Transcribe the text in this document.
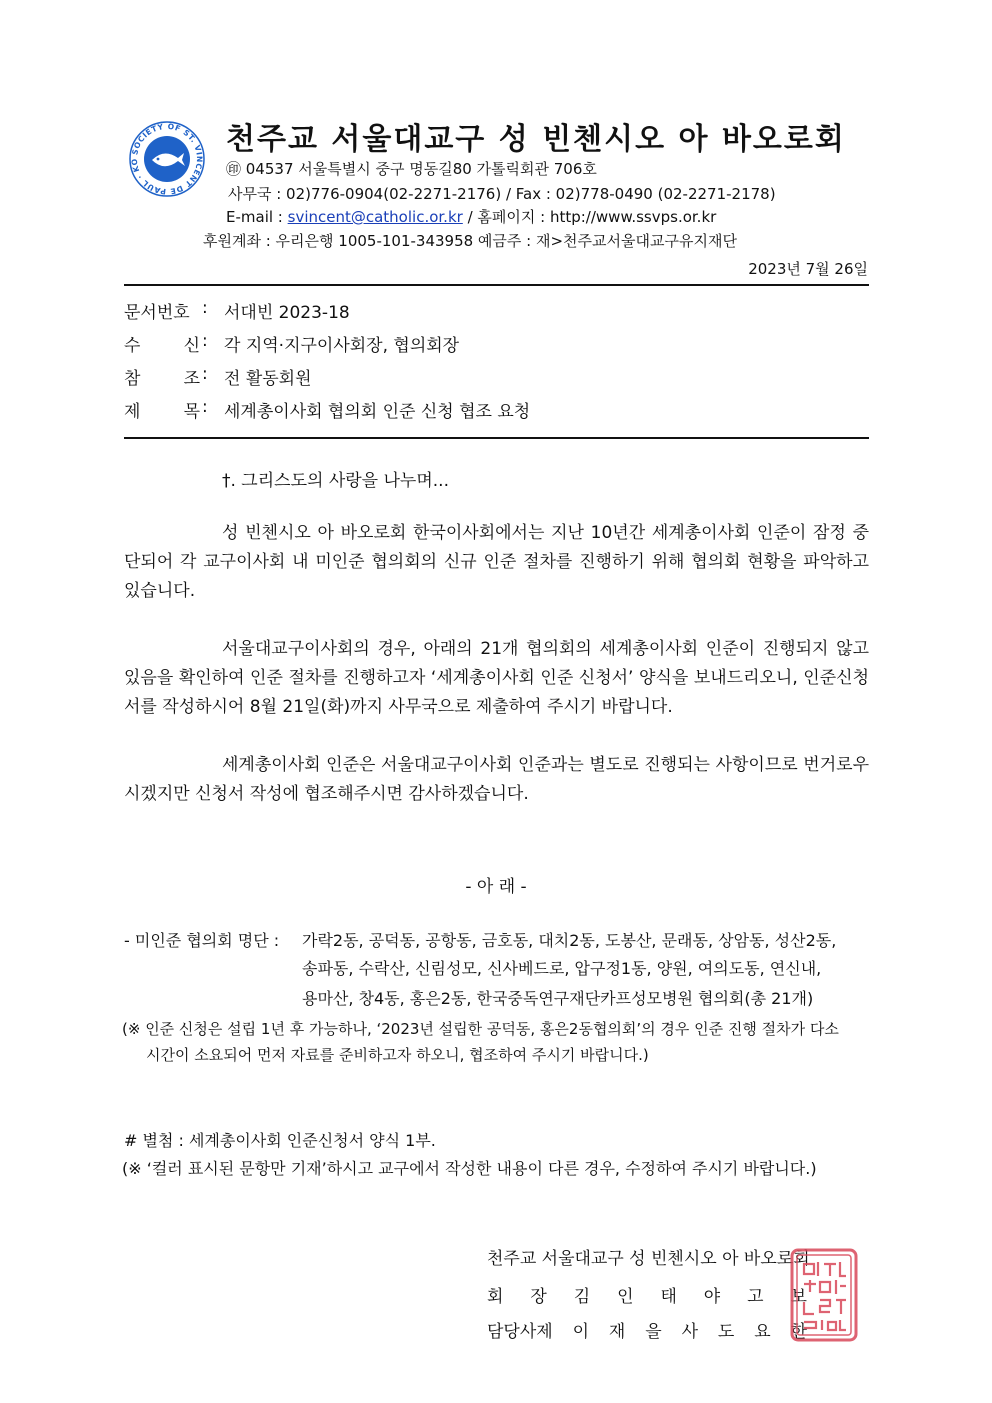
SOCIETY OF ST. VINCENT DE PAUL · KO
천주교 서울대교구 성 빈첸시오 아 바오로회
㊞ 04537 서울특별시 중구 명동길80 가톨릭회관 706호
사무국 : 02)776-0904(02-2271-2176) / Fax : 02)778-0490 (02-2271-2178)
E-mail : svincent@catholic.or.kr / 홈페이지 : http://www.ssvps.or.kr
후원계좌 : 우리은행 1005-101-343958 예금주 : 재>천주교서울대교구유지재단
2023년 7월 26일
문서번호 : 서대빈 2023-18
수	신 : 각 지역·지구이사회장, 협의회장
참	조 : 전 활동회원
제	목 : 세계총이사회 협의회 인준 신청 협조 요청
†. 그리스도의 사랑을 나누며...
성 빈첸시오 아 바오로회 한국이사회에서는 지난 10년간 세계총이사회 인준이 잠정 중단되어 각 교구이사회 내 미인준 협의회의 신규 인준 절차를 진행하기 위해 협의회 현황을 파악하고 있습니다.
서울대교구이사회의 경우, 아래의 21개 협의회의 세계총이사회 인준이 진행되지 않고 있음을 확인하여 인준 절차를 진행하고자 ‘세계총이사회 인준 신청서’ 양식을 보내드리오니, 인준신청서를 작성하시어 8월 21일(화)까지 사무국으로 제출하여 주시기 바랍니다.
세계총이사회 인준은 서울대교구이사회 인준과는 별도로 진행되는 사항이므로 번거로우시겠지만 신청서 작성에 협조해주시면 감사하겠습니다.
- 아 래 -
- 미인준 협의회 명단 : 가락2동, 공덕동, 공항동, 금호동, 대치2동, 도봉산, 문래동, 상암동, 성산2동,
송파동, 수락산, 신림성모, 신사베드로, 압구정1동, 양원, 여의도동, 연신내,
용마산, 창4동, 홍은2동, 한국중독연구재단카프성모병원 협의회(총 21개)
(※ 인준 신청은 설립 1년 후 가능하나, ‘2023년 설립한 공덕동, 홍은2동협의회’의 경우 인준 진행 절차가 다소
시간이 소요되어 먼저 자료를 준비하고자 하오니, 협조하여 주시기 바랍니다.)
# 별첨 : 세계총이사회 인준신청서 양식 1부.
(※ ‘컬러 표시된 문항만 기재’하시고 교구에서 작성한 내용이 다른 경우, 수정하여 주시기 바랍니다.)
천주교 서울대교구 성 빈첸시오 아 바오로회
회 장 김 인 태 야 고 보
담당사제 이 재 을 사 도 요 한
